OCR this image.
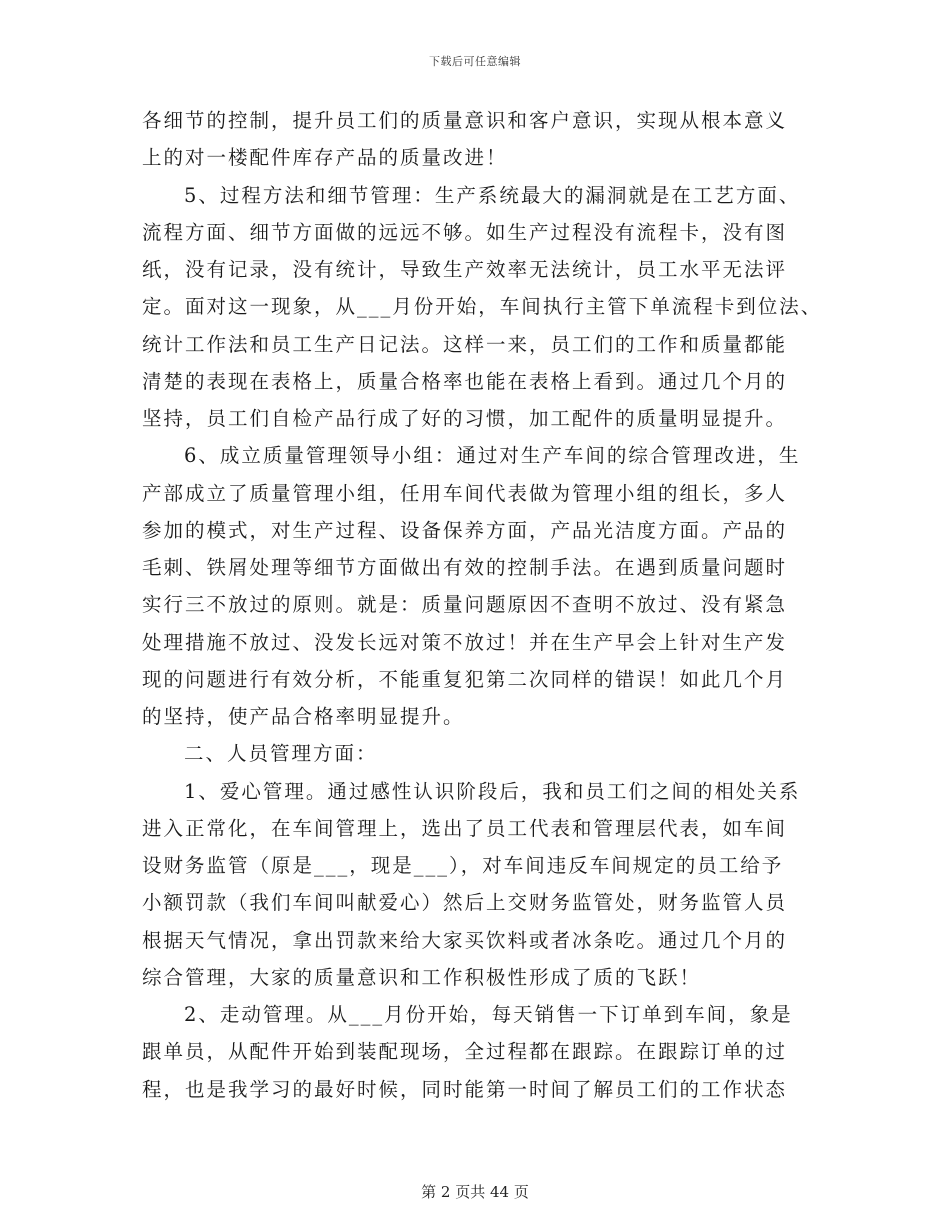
下载后可任意编辑
各细节的控制，提升员工们的质量意识和客户意识，实现从根本意义
上的对一楼配件库存产品的质量改进！
5、过程方法和细节管理：生产系统最大的漏洞就是在工艺方面、
流程方面、细节方面做的远远不够。如生产过程没有流程卡，没有图
纸，没有记录，没有统计，导致生产效率无法统计，员工水平无法评
定。面对这一现象，从___月份开始，车间执行主管下单流程卡到位法、
统计工作法和员工生产日记法。这样一来，员工们的工作和质量都能
清楚的表现在表格上，质量合格率也能在表格上看到。通过几个月的
坚持，员工们自检产品行成了好的习惯，加工配件的质量明显提升。
6、成立质量管理领导小组：通过对生产车间的综合管理改进，生
产部成立了质量管理小组，任用车间代表做为管理小组的组长，多人
参加的模式，对生产过程、设备保养方面，产品光洁度方面。产品的
毛刺、铁屑处理等细节方面做出有效的控制手法。在遇到质量问题时
实行三不放过的原则。就是：质量问题原因不查明不放过、没有紧急
处理措施不放过、没发长远对策不放过！并在生产早会上针对生产发
现的问题进行有效分析，不能重复犯第二次同样的错误！如此几个月
的坚持，使产品合格率明显提升。
二、人员管理方面：
1、爱心管理。通过感性认识阶段后，我和员工们之间的相处关系
进入正常化，在车间管理上，选出了员工代表和管理层代表，如车间
设财务监管（原是___，现是___），对车间违反车间规定的员工给予
小额罚款（我们车间叫献爱心）然后上交财务监管处，财务监管人员
根据天气情况，拿出罚款来给大家买饮料或者冰条吃。通过几个月的
综合管理，大家的质量意识和工作积极性形成了质的飞跃！
2、走动管理。从___月份开始，每天销售一下订单到车间，象是
跟单员，从配件开始到装配现场，全过程都在跟踪。在跟踪订单的过
程，也是我学习的最好时候，同时能第一时间了解员工们的工作状态
第 2 页共 44 页
